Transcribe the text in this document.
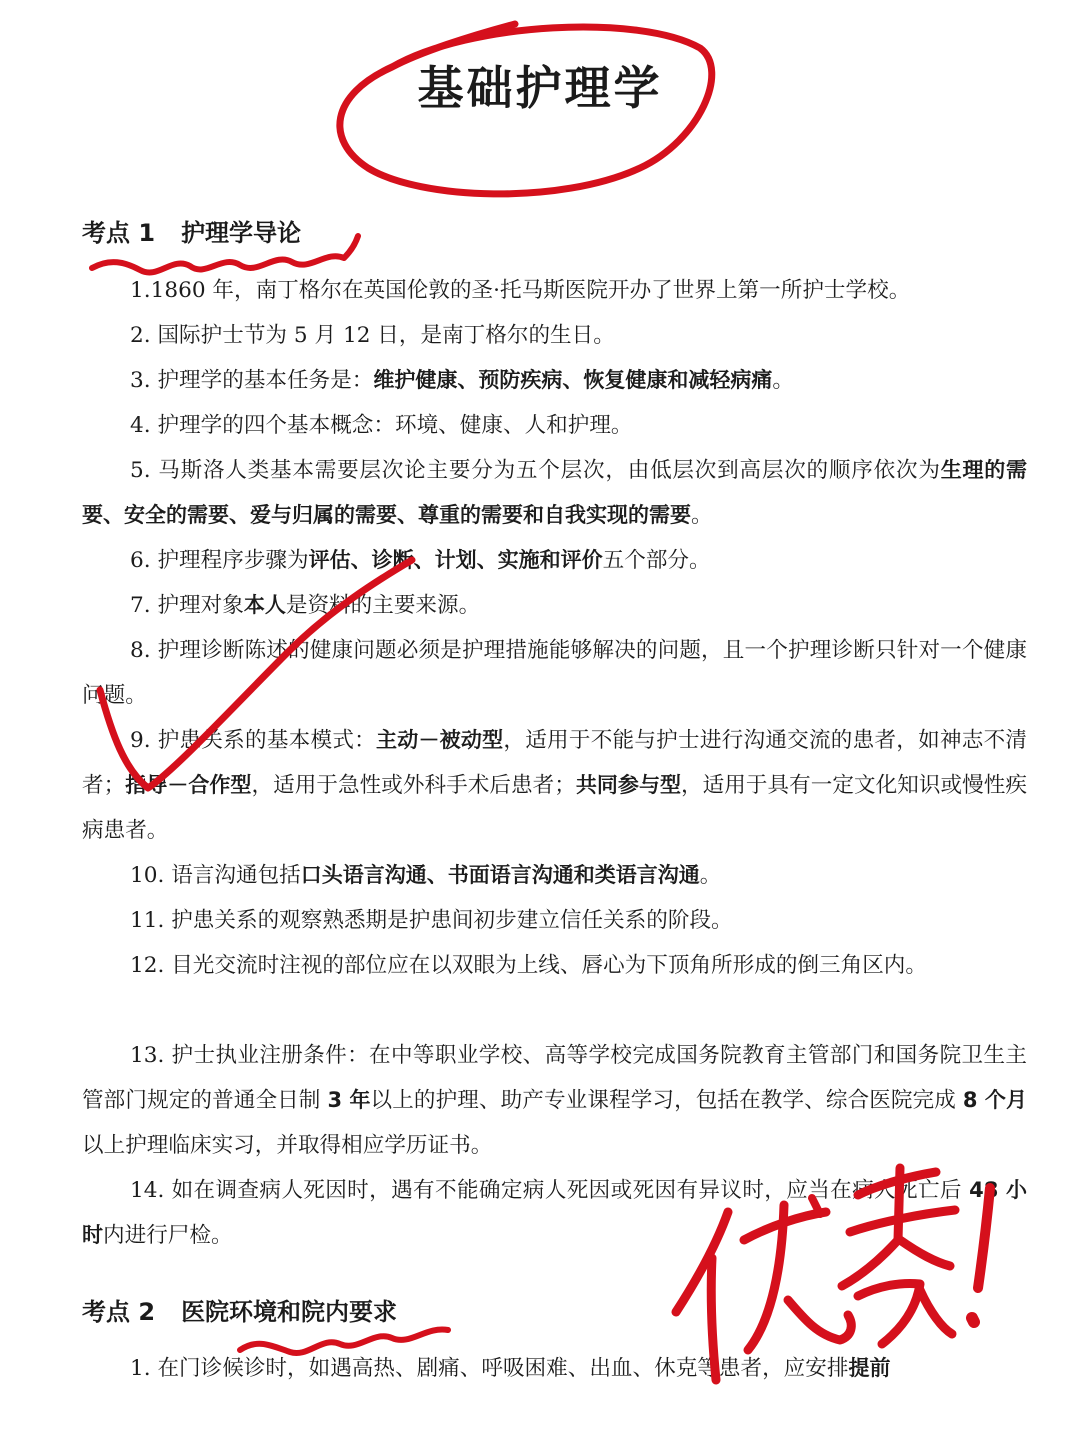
基础护理学
考点 1 护理学导论
1.1860 年，南丁格尔在英国伦敦的圣·托马斯医院开办了世界上第一所护士学校。
2. 国际护士节为 5 月 12 日，是南丁格尔的生日。
3. 护理学的基本任务是：维护健康、预防疾病、恢复健康和减轻病痛。
4. 护理学的四个基本概念：环境、健康、人和护理。
5. 马斯洛人类基本需要层次论主要分为五个层次，由低层次到高层次的顺序依次为生理的需要、安全的需要、爱与归属的需要、尊重的需要和自我实现的需要。
6. 护理程序步骤为评估、诊断、计划、实施和评价五个部分。
7. 护理对象本人是资料的主要来源。
8. 护理诊断陈述的健康问题必须是护理措施能够解决的问题，且一个护理诊断只针对一个健康问题。
9. 护患关系的基本模式：主动－被动型，适用于不能与护士进行沟通交流的患者，如神志不清者；指导－合作型，适用于急性或外科手术后患者；共同参与型，适用于具有一定文化知识或慢性疾病患者。
10. 语言沟通包括口头语言沟通、书面语言沟通和类语言沟通。
11. 护患关系的观察熟悉期是护患间初步建立信任关系的阶段。
12. 目光交流时注视的部位应在以双眼为上线、唇心为下顶角所形成的倒三角区内。
13. 护士执业注册条件：在中等职业学校、高等学校完成国务院教育主管部门和国务院卫生主管部门规定的普通全日制 3 年以上的护理、助产专业课程学习，包括在教学、综合医院完成 8 个月以上护理临床实习，并取得相应学历证书。
14. 如在调查病人死因时，遇有不能确定病人死因或死因有异议时，应当在病人死亡后 48 小时内进行尸检。
考点 2 医院环境和院内要求
1. 在门诊候诊时，如遇高热、剧痛、呼吸困难、出血、休克等患者，应安排提前
